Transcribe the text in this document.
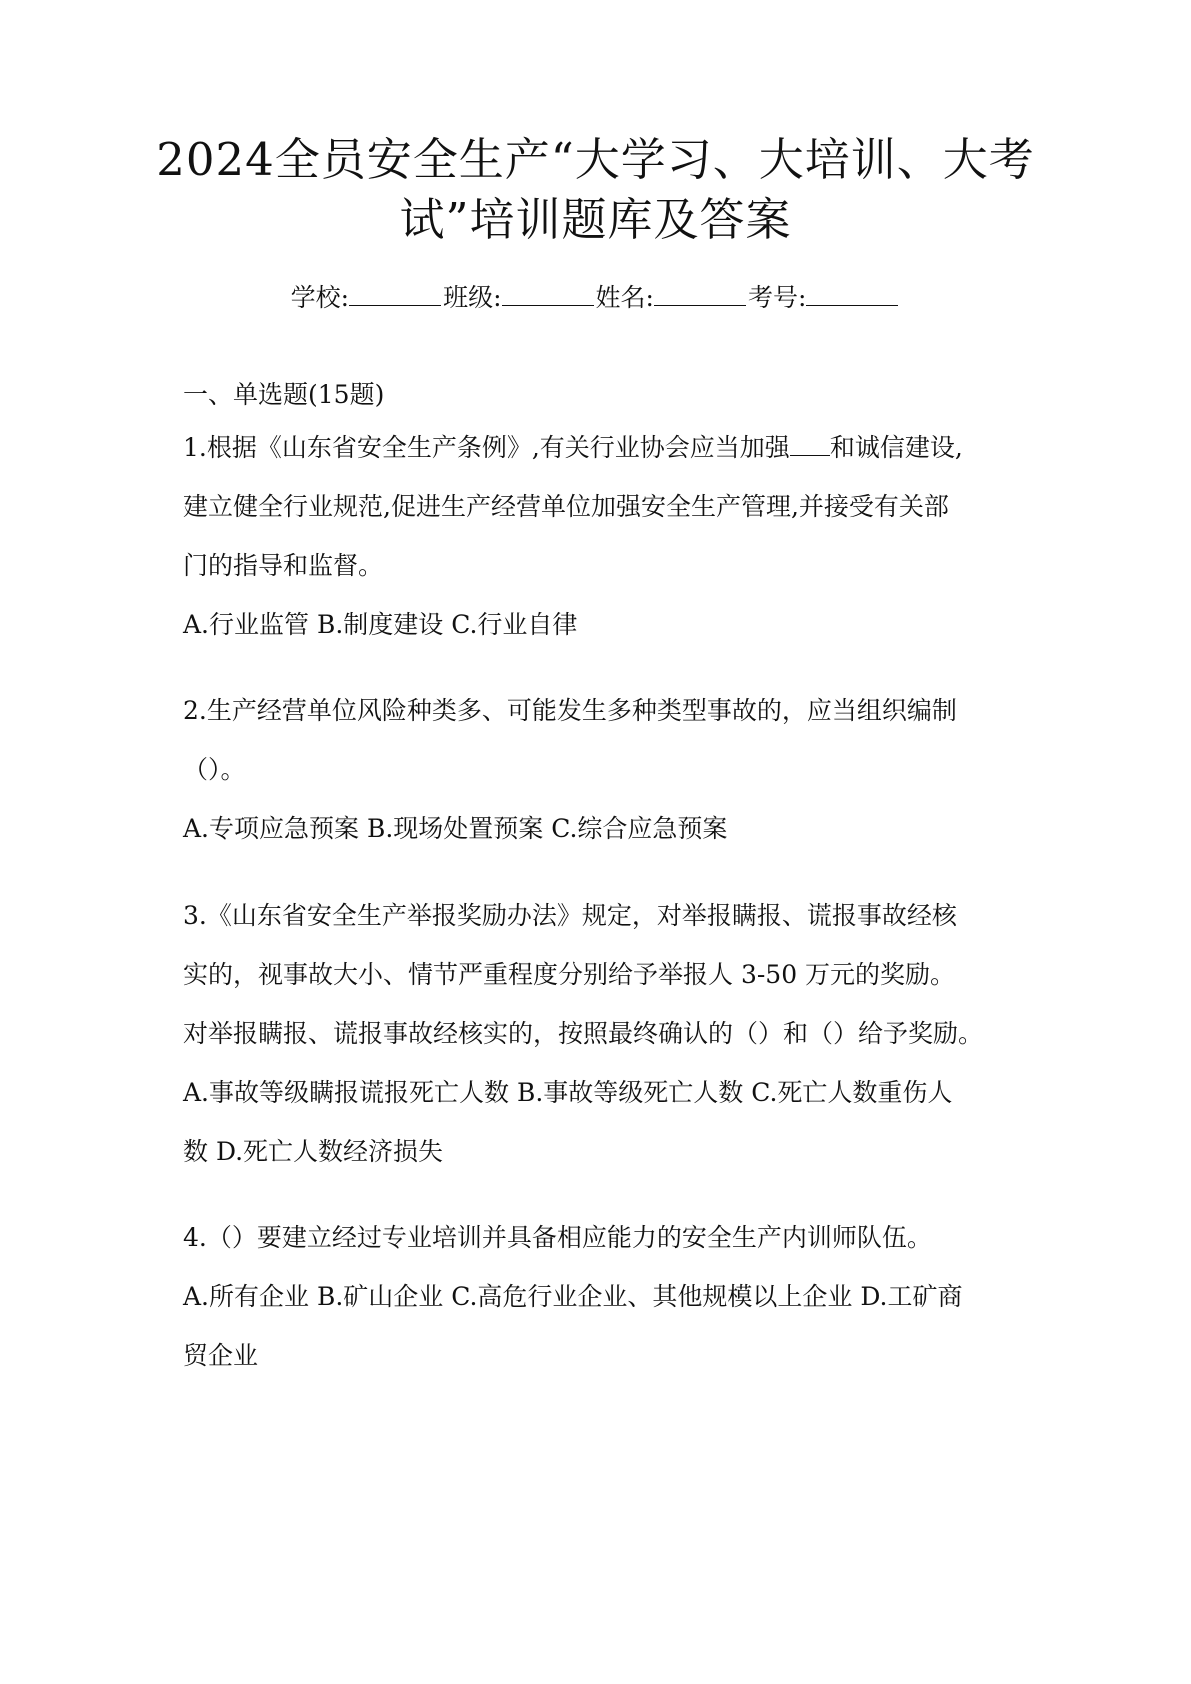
2024全员安全生产“大学习、大培训、大考
试”培训题库及答案
学校:	班级:	姓名:	考号:

一、单选题(15题)

1.根据《山东省安全生产条例》,有关行业协会应当加强 和诚信建设,

建立健全行业规范,促进生产经营单位加强安全生产管理,并接受有关部

门的指导和监督。

A.行业监管 B.制度建设 C.行业自律

2.生产经营单位风险种类多、可能发生多种类型事故的，应当组织编制

（）。

A.专项应急预案 B.现场处置预案 C.综合应急预案

3.《山东省安全生产举报奖励办法》规定，对举报瞒报、谎报事故经核

实的，视事故大小、情节严重程度分别给予举报人 3-50 万元的奖励。

对举报瞒报、谎报事故经核实的，按照最终确认的（）和（）给予奖励。

A.事故等级瞒报谎报死亡人数 B.事故等级死亡人数 C.死亡人数重伤人

数 D.死亡人数经济损失

4.（）要建立经过专业培训并具备相应能力的安全生产内训师队伍。

A.所有企业 B.矿山企业 C.高危行业企业、其他规模以上企业 D.工矿商

贸企业
